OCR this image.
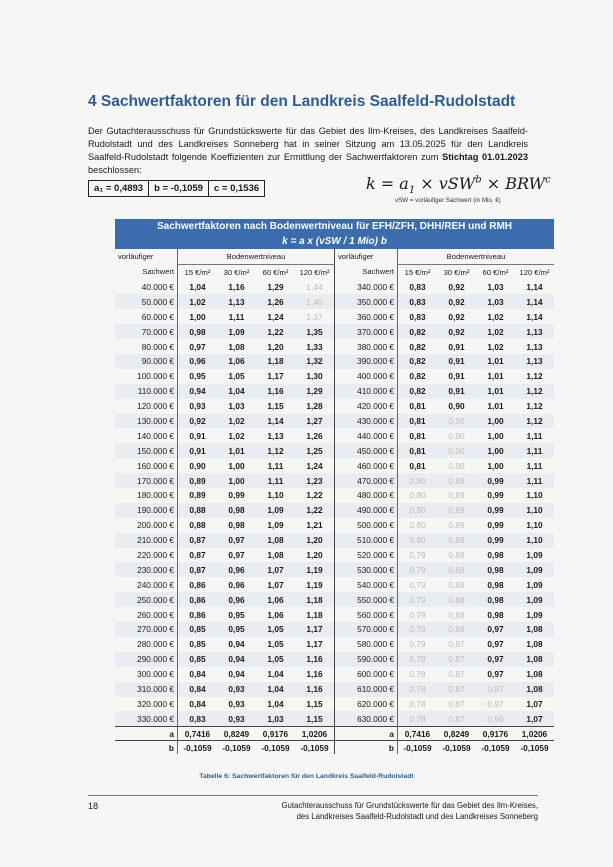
4 Sachwertfaktoren für den Landkreis Saalfeld-Rudolstadt
Der Gutachterausschuss für Grundstückswerte für das Gebiet des Ilm-Kreises, des Landkreises Saalfeld-Rudolstadt und des Landkreises Sonneberg hat in seiner Sitzung am 13.05.2025 für den Landkreis Saalfeld-Rudolstadt folgende Koeffizienten zur Ermittlung der Sachwertfaktoren zum Stichtag 01.01.2023 beschlossen:
a₁ = 0,4893	b = -0,1059	c = 0,1536	$k = a_1 \times vSW^b \times BRW^c$
vSW = vorläufiger Sachwert (in Mio. €)
Sachwertfaktoren nach Bodenwertniveau für EFH/ZFH, DHH/REH und RMH									
k = a x (vSW / 1 Mio) b									
vorläufiger	Bodenwertniveau				vorläufiger	Bodenwertniveau			
Sachwert	15 €/m²	30 €/m²	60 €/m²	120 €/m²	Sachwert	15 €/m²	30 €/m²	60 €/m²	120 €/m²
40.000 €	1,04	1,16	1,29	1,44	340.000 €	0,83	0,92	1,03	1,14
50.000 €	1,02	1,13	1,26	1,40	350.000 €	0,83	0,92	1,03	1,14
60.000 €	1,00	1,11	1,24	1,37	360.000 €	0,83	0,92	1,02	1,14
70.000 €	0,98	1,09	1,22	1,35	370.000 €	0,82	0,92	1,02	1,13
80.000 €	0,97	1,08	1,20	1,33	380.000 €	0,82	0,91	1,02	1,13
90.000 €	0,96	1,06	1,18	1,32	390.000 €	0,82	0,91	1,01	1,13
100.000 €	0,95	1,05	1,17	1,30	400.000 €	0,82	0,91	1,01	1,12
110.000 €	0,94	1,04	1,16	1,29	410.000 €	0,82	0,91	1,01	1,12
120.000 €	0,93	1,03	1,15	1,28	420.000 €	0,81	0,90	1,01	1,12
130.000 €	0,92	1,02	1,14	1,27	430.000 €	0,81	0,90	1,00	1,12
140.000 €	0,91	1,02	1,13	1,26	440.000 €	0,81	0,90	1,00	1,11
150.000 €	0,91	1,01	1,12	1,25	450.000 €	0,81	0,90	1,00	1,11
160.000 €	0,90	1,00	1,11	1,24	460.000 €	0,81	0,90	1,00	1,11
170.000 €	0,89	1,00	1,11	1,23	470.000 €	0,80	0,89	0,99	1,11
180.000 €	0,89	0,99	1,10	1,22	480.000 €	0,80	0,89	0,99	1,10
190.000 €	0,88	0,98	1,09	1,22	490.000 €	0,80	0,89	0,99	1,10
200.000 €	0,88	0,98	1,09	1,21	500.000 €	0,80	0,89	0,99	1,10
210.000 €	0,87	0,97	1,08	1,20	510.000 €	0,80	0,89	0,99	1,10
220.000 €	0,87	0,97	1,08	1,20	520.000 €	0,79	0,88	0,98	1,09
230.000 €	0,87	0,96	1,07	1,19	530.000 €	0,79	0,88	0,98	1,09
240.000 €	0,86	0,96	1,07	1,19	540.000 €	0,79	0,88	0,98	1,09
250.000 €	0,86	0,96	1,06	1,18	550.000 €	0,79	0,88	0,98	1,09
260.000 €	0,86	0,95	1,06	1,18	560.000 €	0,79	0,88	0,98	1,09
270.000 €	0,85	0,95	1,05	1,17	570.000 €	0,79	0,88	0,97	1,08
280.000 €	0,85	0,94	1,05	1,17	580.000 €	0,79	0,87	0,97	1,08
290.000 €	0,85	0,94	1,05	1,16	590.000 €	0,78	0,87	0,97	1,08
300.000 €	0,84	0,94	1,04	1,16	600.000 €	0,78	0,87	0,97	1,08
310.000 €	0,84	0,93	1,04	1,16	610.000 €	0,78	0,87	0,97	1,08
320.000 €	0,84	0,93	1,04	1,15	620.000 €	0,78	0,87	0,97	1,07
330.000 €	0,83	0,93	1,03	1,15	630.000 €	0,78	0,87	0,96	1,07
a	0,7416	0,8249	0,9176	1,0206	a	0,7416	0,8249	0,9176	1,0206
b	-0,1059	-0,1059	-0,1059	-0,1059	b	-0,1059	-0,1059	-0,1059	-0,1059
Tabelle 6: Sachwertfaktoren für den Landkreis Saalfeld-Rudolstadt
18	Gutachterausschuss für Grundstückswerte für das Gebiet des Ilm-Kreises,
des Landkreises Saalfeld-Rudolstadt und des Landkreises Sonneberg
